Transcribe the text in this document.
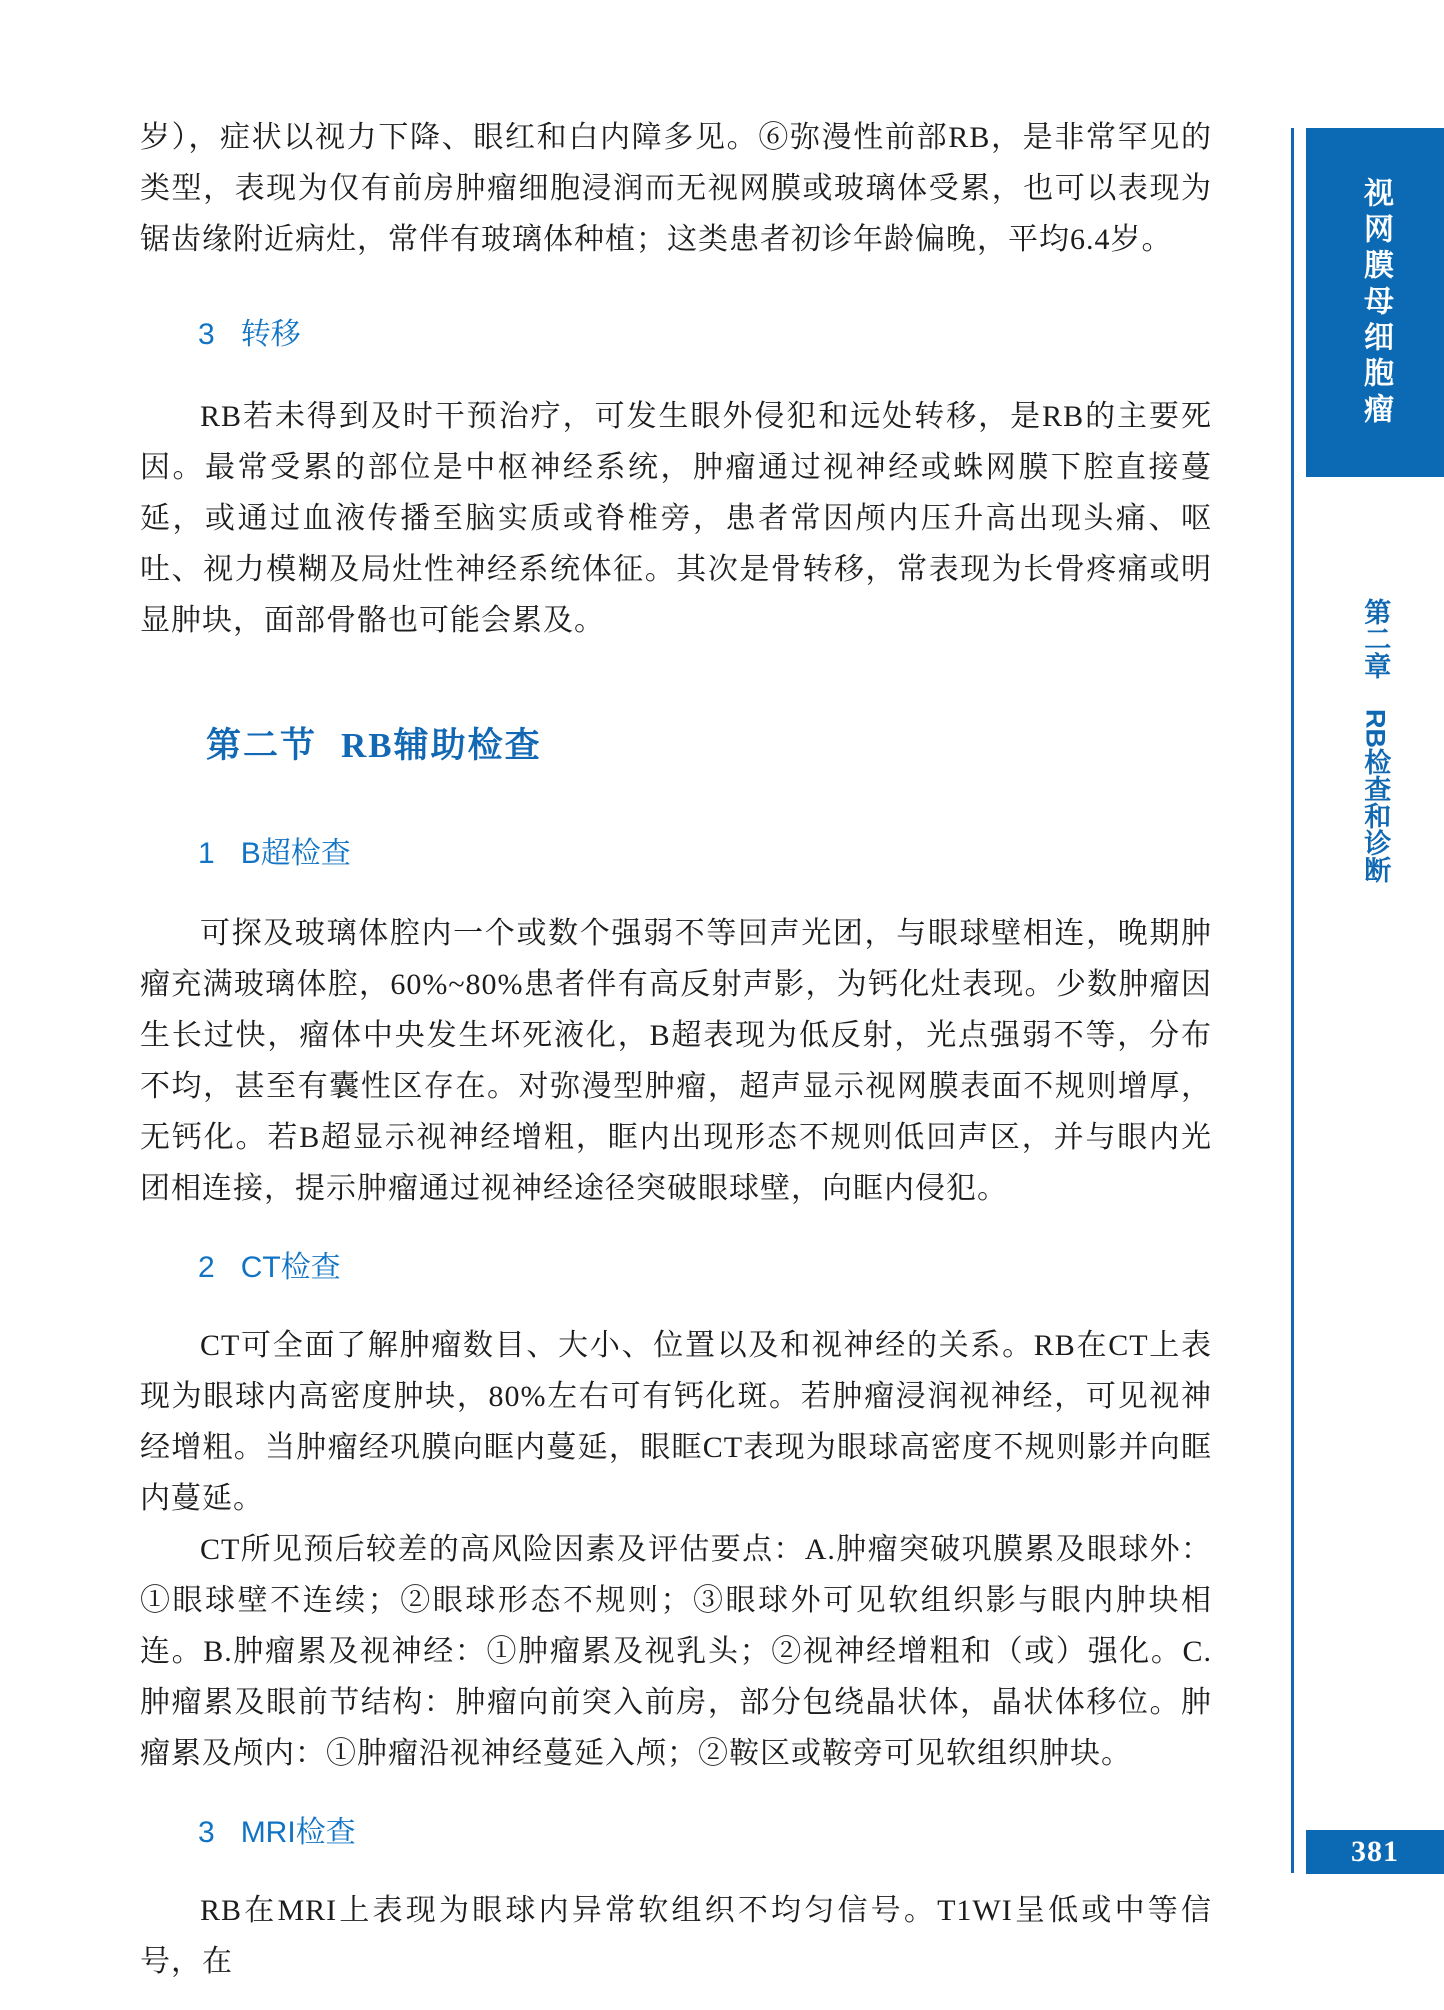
岁），症状以视力下降、眼红和白内障多见。⑥弥漫性前部RB，是非常罕见的类型，表现为仅有前房肿瘤细胞浸润而无视网膜或玻璃体受累，也可以表现为锯齿缘附近病灶，常伴有玻璃体种植；这类患者初诊年龄偏晚，平均6.4岁。

3 转移

RB若未得到及时干预治疗，可发生眼外侵犯和远处转移，是RB的主要死因。最常受累的部位是中枢神经系统，肿瘤通过视神经或蛛网膜下腔直接蔓延，或通过血液传播至脑实质或脊椎旁，患者常因颅内压升高出现头痛、呕吐、视力模糊及局灶性神经系统体征。其次是骨转移，常表现为长骨疼痛或明显肿块，面部骨骼也可能会累及。

第二节 RB辅助检查
1 B超检查

可探及玻璃体腔内一个或数个强弱不等回声光团，与眼球壁相连，晚期肿瘤充满玻璃体腔，60%~80%患者伴有高反射声影，为钙化灶表现。少数肿瘤因生长过快，瘤体中央发生坏死液化，B超表现为低反射，光点强弱不等，分布不均，甚至有囊性区存在。对弥漫型肿瘤，超声显示视网膜表面不规则增厚，无钙化。若B超显示视神经增粗，眶内出现形态不规则低回声区，并与眼内光团相连接，提示肿瘤通过视神经途径突破眼球壁，向眶内侵犯。

2 CT检查

CT可全面了解肿瘤数目、大小、位置以及和视神经的关系。RB在CT上表现为眼球内高密度肿块，80%左右可有钙化斑。若肿瘤浸润视神经，可见视神经增粗。当肿瘤经巩膜向眶内蔓延，眼眶CT表现为眼球高密度不规则影并向眶内蔓延。

CT所见预后较差的高风险因素及评估要点：A.肿瘤突破巩膜累及眼球外：①眼球壁不连续；②眼球形态不规则；③眼球外可见软组织影与眼内肿块相连。B.肿瘤累及视神经：①肿瘤累及视乳头；②视神经增粗和（或）强化。C.肿瘤累及眼前节结构：肿瘤向前突入前房，部分包绕晶状体，晶状体移位。肿瘤累及颅内：①肿瘤沿视神经蔓延入颅；②鞍区或鞍旁可见软组织肿块。

3 MRI检查

RB在MRI上表现为眼球内异常软组织不均匀信号。T1WI呈低或中等信号，在

视网膜母细胞瘤
第二章RB检查和诊断
381
